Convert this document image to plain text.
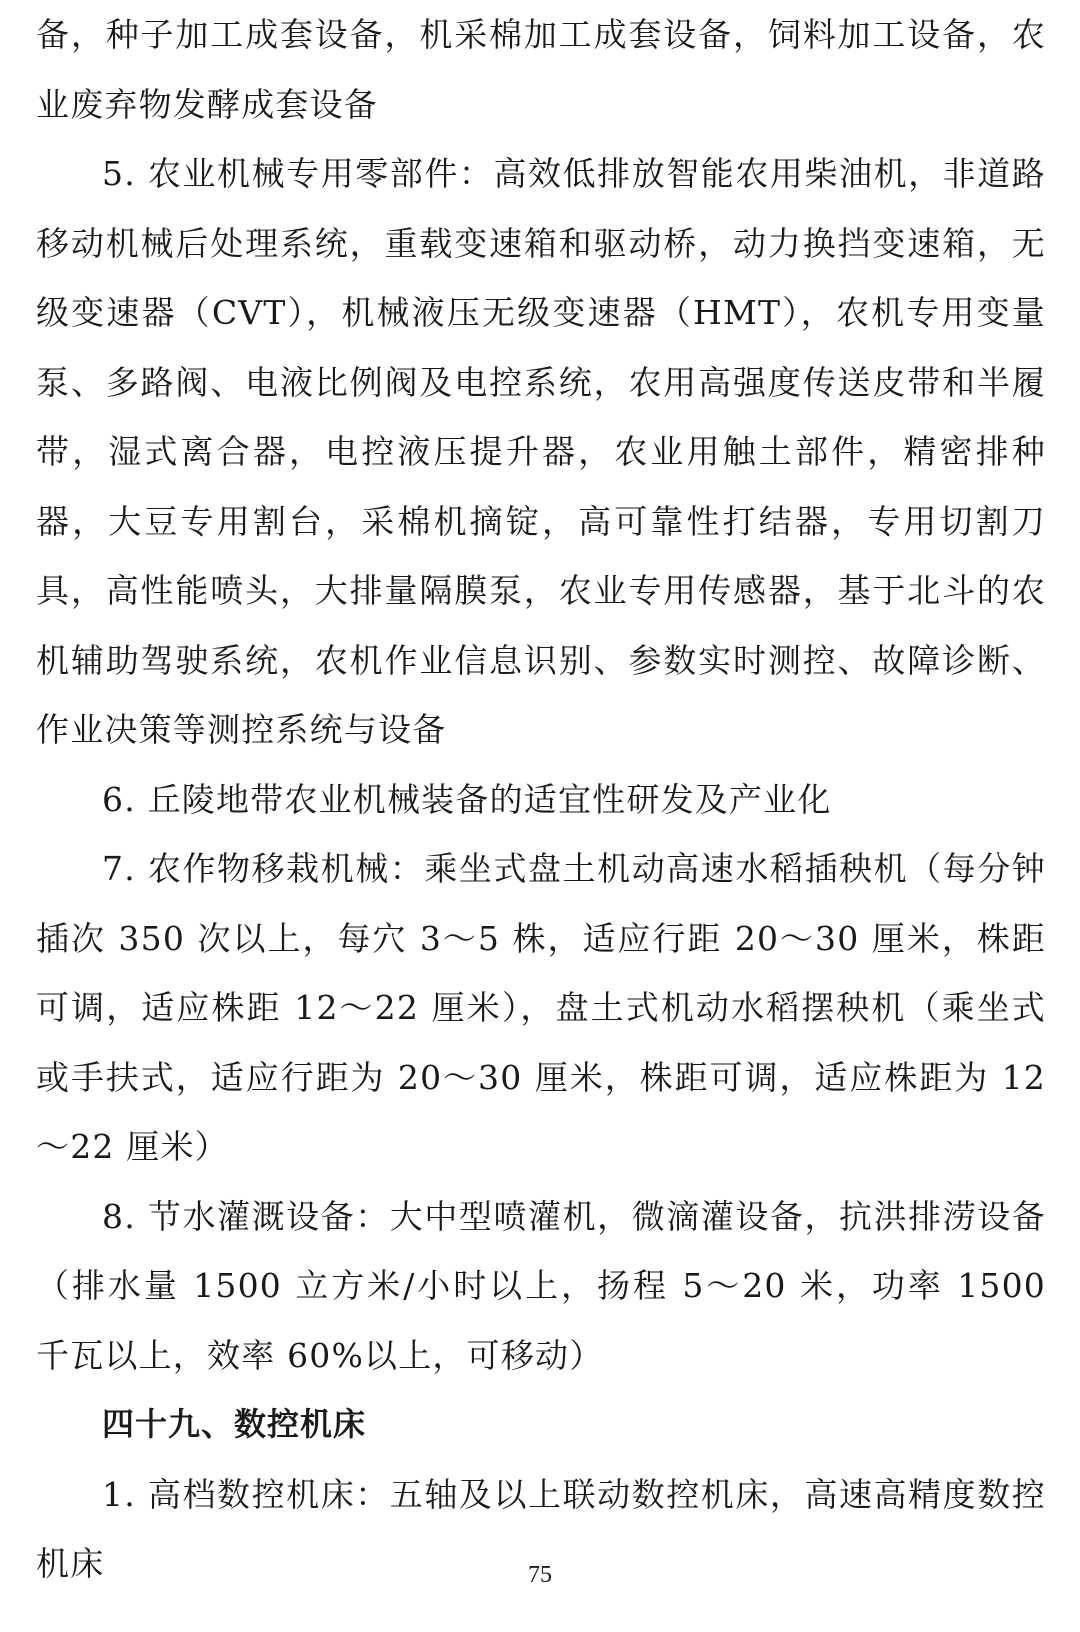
备，种子加工成套设备，机采棉加工成套设备，饲料加工设备，农业废弃物发酵成套设备

5. 农业机械专用零部件：高效低排放智能农用柴油机，非道路移动机械后处理系统，重载变速箱和驱动桥，动力换挡变速箱，无级变速器（CVT），机械液压无级变速器（HMT），农机专用变量泵、多路阀、电液比例阀及电控系统，农用高强度传送皮带和半履带，湿式离合器，电控液压提升器，农业用触土部件，精密排种器，大豆专用割台，采棉机摘锭，高可靠性打结器，专用切割刀具，高性能喷头，大排量隔膜泵，农业专用传感器，基于北斗的农机辅助驾驶系统，农机作业信息识别、参数实时测控、故障诊断、作业决策等测控系统与设备

6. 丘陵地带农业机械装备的适宜性研发及产业化

7. 农作物移栽机械：乘坐式盘土机动高速水稻插秧机（每分钟插次 350 次以上，每穴 3～5 株，适应行距 20～30 厘米，株距可调，适应株距 12～22 厘米），盘土式机动水稻摆秧机（乘坐式或手扶式，适应行距为 20～30 厘米，株距可调，适应株距为 12～22 厘米）

8. 节水灌溉设备：大中型喷灌机，微滴灌设备，抗洪排涝设备（排水量 1500 立方米/小时以上，扬程 5～20 米，功率 1500 千瓦以上，效率 60%以上，可移动）

四十九、数控机床

1. 高档数控机床：五轴及以上联动数控机床，高速高精度数控机床	75
